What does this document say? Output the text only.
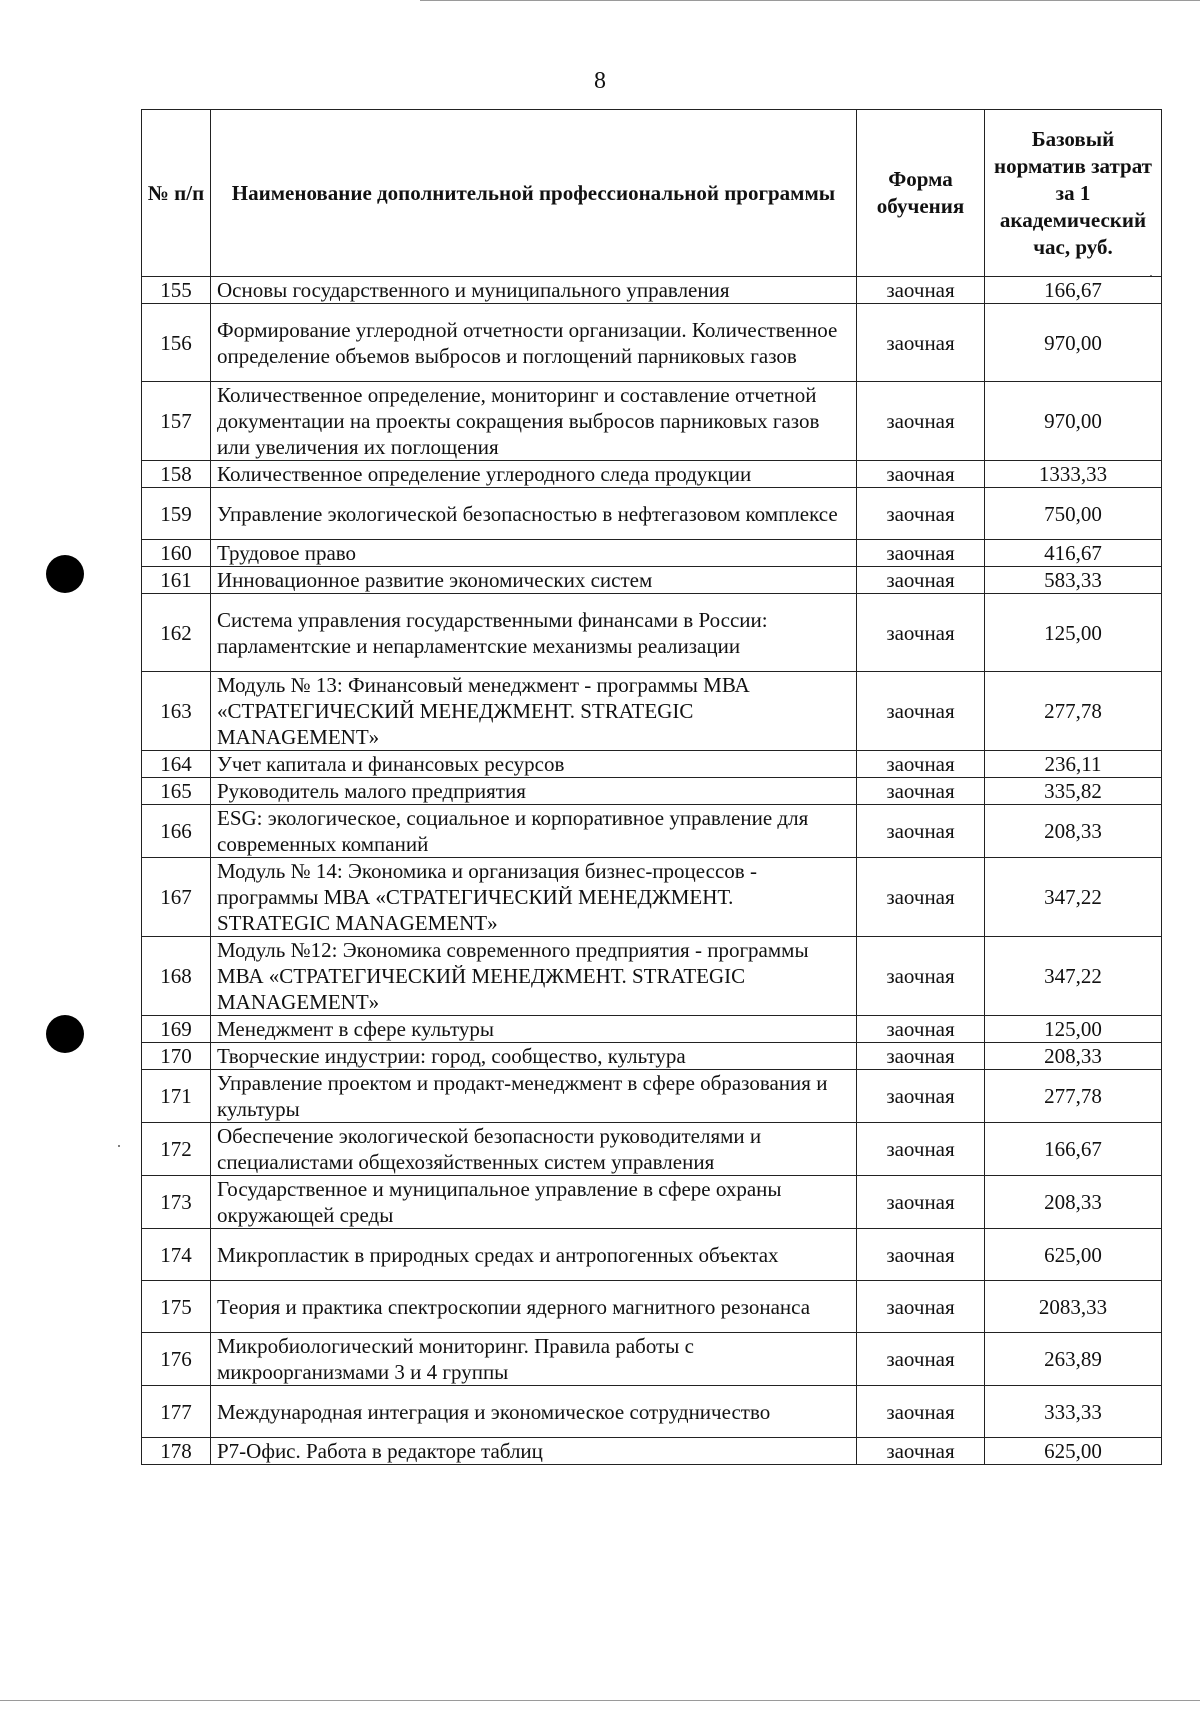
8
№ п/п	Наименование дополнительной профессиональной программы	Форма обучения	Базовый норматив затрат за 1 академический час, руб.
155	Основы государственного и муниципального управления	заочная	166,67
156	Формирование углеродной отчетности организации. Количественное определение объемов выбросов и поглощений парниковых газов	заочная	970,00
157	Количественное определение, мониторинг и составление отчетной документации на проекты сокращения выбросов парниковых газов или увеличения их поглощения	заочная	970,00
158	Количественное определение углеродного следа продукции	заочная	1333,33
159	Управление экологической безопасностью в нефтегазовом комплексе	заочная	750,00
160	Трудовое право	заочная	416,67
161	Инновационное развитие экономических систем	заочная	583,33
162	Система управления государственными финансами в России: парламентские и непарламентские механизмы реализации	заочная	125,00
163	Модуль № 13: Финансовый менеджмент - программы МВА «СТРАТЕГИЧЕСКИЙ МЕНЕДЖМЕНТ. STRATEGIC MANAGEMENT»	заочная	277,78
164	Учет капитала и финансовых ресурсов	заочная	236,11
165	Руководитель малого предприятия	заочная	335,82
166	ESG: экологическое, социальное и корпоративное управление для современных компаний	заочная	208,33
167	Модуль № 14: Экономика и организация бизнес-процессов - программы МВА «СТРАТЕГИЧЕСКИЙ МЕНЕДЖМЕНТ. STRATEGIC MANAGEMENT»	заочная	347,22
168	Модуль №12: Экономика современного предприятия - программы МВА «СТРАТЕГИЧЕСКИЙ МЕНЕДЖМЕНТ. STRATEGIC MANAGEMENT»	заочная	347,22
169	Менеджмент в сфере культуры	заочная	125,00
170	Творческие индустрии: город, сообщество, культура	заочная	208,33
171	Управление проектом и продакт-менеджмент в сфере образования и культуры	заочная	277,78
172	Обеспечение экологической безопасности руководителями и специалистами общехозяйственных систем управления	заочная	166,67
173	Государственное и муниципальное управление в сфере охраны окружающей среды	заочная	208,33
174	Микропластик в природных средах и антропогенных объектах	заочная	625,00
175	Теория и практика спектроскопии ядерного магнитного резонанса	заочная	2083,33
176	Микробиологический мониторинг. Правила работы с микроорганизмами 3 и 4 группы	заочная	263,89
177	Международная интеграция и экономическое сотрудничество	заочная	333,33
178	Р7-Офис. Работа в редакторе таблиц	заочная	625,00
